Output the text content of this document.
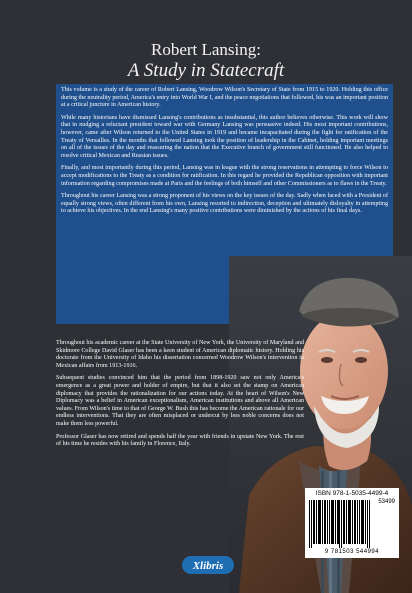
Robert Lansing:
A Study in Statecraft

This volume is a study of the career of Robert Lansing, Woodrow Wilson's Secretary of State from 1915 to 1920. Holding this office during the neutrality period, America's entry into World War I, and the peace negotiations that followed, his was an important position at a critical juncture in American history.

While many historians have dismissed Lansing's contributions as insubstantial, this author believes otherwise. This work will show that in nudging a reluctant president toward war with Germany Lansing was persuasive indeed. His most important contributions, however, came after Wilson returned to the United States in 1919 and became incapacitated during the fight for ratification of the Treaty of Versailles. In the months that followed Lansing took the position of leadership in the Cabinet, holding important meetings on all of the issues of the day and reassuring the nation that the Executive branch of government still functioned. He also helped to resolve critical Mexican and Russian issues.

Finally, and most importantly during this period, Lansing was in league with the strong reservations in attempting to force Wilson to accept modifications to the Treaty as a condition for ratification. In this regard he provided the Republican opposition with important information regarding compromises made at Paris and the feelings of both himself and other Commissioners as to flaws in the Treaty.

Throughout his career Lansing was a strong proponent of his views on the key issues of the day. Sadly when faced with a President of equally strong views, often different from his own, Lansing resorted to indirection, deception and ultimately disloyalty in attempting to achieve his objectives. In the end Lansing's many positive contributions were diminished by the actions of his final days.

Throughout his academic career at the State University of New York, the University of Maryland and Skidmore College David Glaser has been a keen student of American diplomatic history. Holding his doctorate from the University of Idaho his dissertation concerned Woodrow Wilson's intervention in Mexican affairs from 1913-1916.

Subsequent studies convinced him that the period from 1898-1920 saw not only America's emergence as a great power and holder of empire, but that it also set the stamp on American diplomacy that provides the rationalization for our actions today. At the heart of Wilson's New Diplomacy was a belief in American exceptionalism, American institutions and above all American values. From Wilson's time to that of George W. Bush this has become the American rationale for our endless interventions. That they are often misplaced or undercut by less noble concerns does not make them less powerful.

Professor Glaser has now retired and spends half the year with friends in upstate New York. The rest of his time he resides with his family in Florence, Italy.

ISBN 978-1-5035-4499-4
53499
9 781503 544994
Xlibris
